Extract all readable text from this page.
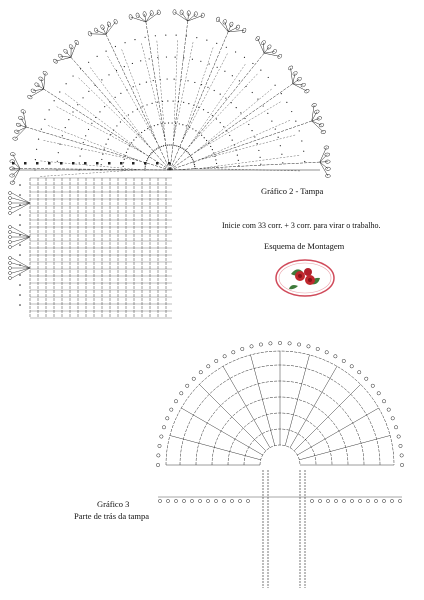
Gráfico 2 - Tampa
Inicie com 33 corr. + 3 corr. para virar o trabalho.
Esquema de Montagem
Gráfico 3
Parte de trás da tampa
